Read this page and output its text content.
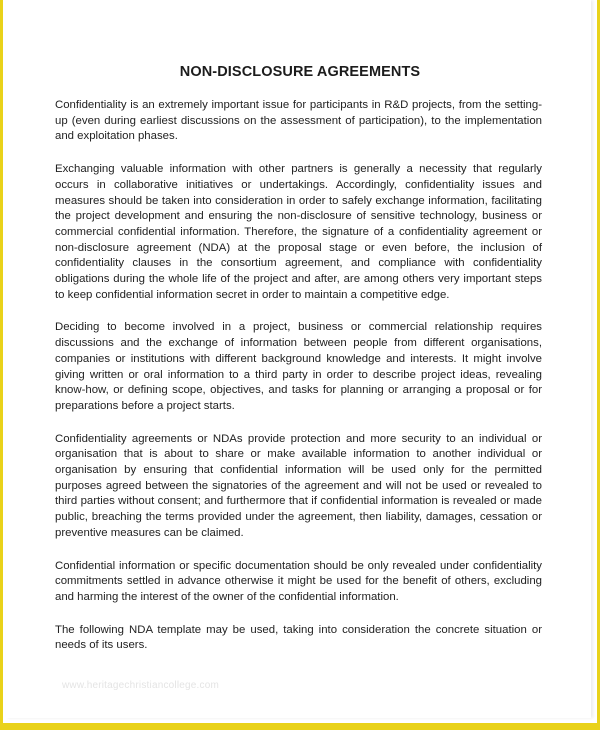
NON-DISCLOSURE AGREEMENTS

Confidentiality is an extremely important issue for participants in R&D projects, from the setting-up (even during earliest discussions on the assessment of participation), to the implementation and exploitation phases.

Exchanging valuable information with other partners is generally a necessity that regularly occurs in collaborative initiatives or undertakings. Accordingly, confidentiality issues and measures should be taken into consideration in order to safely exchange information, facilitating the project development and ensuring the non-disclosure of sensitive technology, business or commercial confidential information. Therefore, the signature of a confidentiality agreement or non-disclosure agreement (NDA) at the proposal stage or even before, the inclusion of confidentiality clauses in the consortium agreement, and compliance with confidentiality obligations during the whole life of the project and after, are among others very important steps to keep confidential information secret in order to maintain a competitive edge.

Deciding to become involved in a project, business or commercial relationship requires discussions and the exchange of information between people from different organisations, companies or institutions with different background knowledge and interests. It might involve giving written or oral information to a third party in order to describe project ideas, revealing know-how, or defining scope, objectives, and tasks for planning or arranging a proposal or for preparations before a project starts.

Confidentiality agreements or NDAs provide protection and more security to an individual or organisation that is about to share or make available information to another individual or organisation by ensuring that confidential information will be used only for the permitted purposes agreed between the signatories of the agreement and will not be used or revealed to third parties without consent; and furthermore that if confidential information is revealed or made public, breaching the terms provided under the agreement, then liability, damages, cessation or preventive measures can be claimed.

Confidential information or specific documentation should be only revealed under confidentiality commitments settled in advance otherwise it might be used for the benefit of others, excluding and harming the interest of the owner of the confidential information.

The following NDA template may be used, taking into consideration the concrete situation or needs of its users.

www.heritagechristiancollege.com
